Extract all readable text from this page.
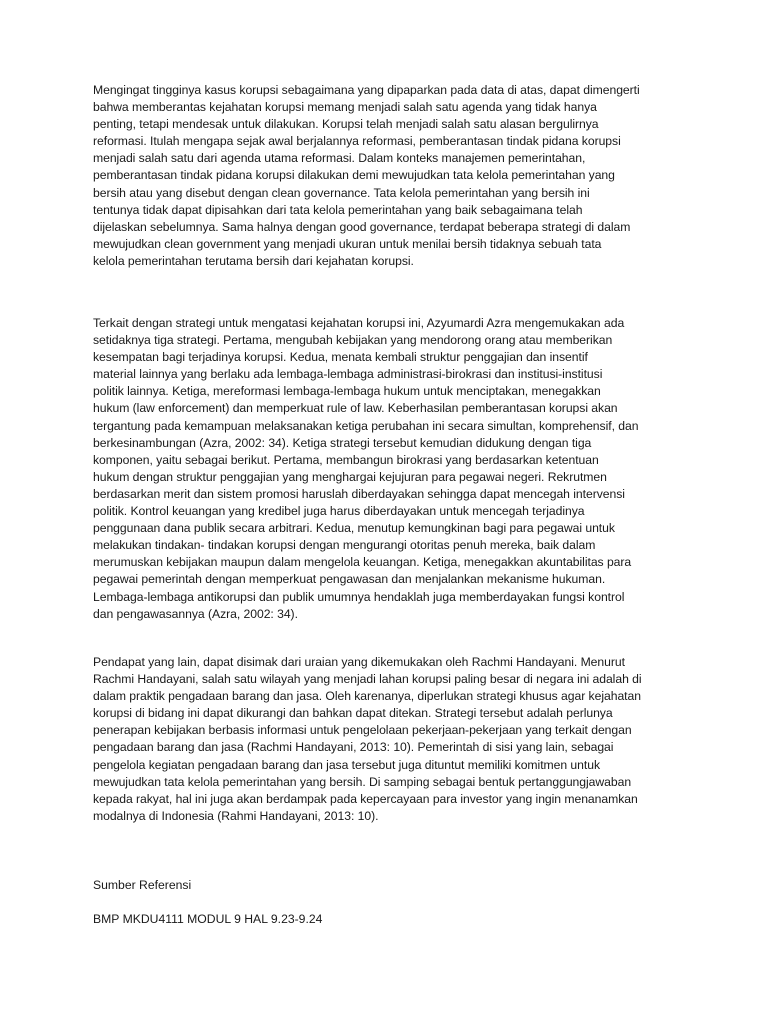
Mengingat tingginya kasus korupsi sebagaimana yang dipaparkan pada data di atas, dapat dimengerti
bahwa memberantas kejahatan korupsi memang menjadi salah satu agenda yang tidak hanya
penting, tetapi mendesak untuk dilakukan. Korupsi telah menjadi salah satu alasan bergulirnya
reformasi. Itulah mengapa sejak awal berjalannya reformasi, pemberantasan tindak pidana korupsi
menjadi salah satu dari agenda utama reformasi. Dalam konteks manajemen pemerintahan,
pemberantasan tindak pidana korupsi dilakukan demi mewujudkan tata kelola pemerintahan yang
bersih atau yang disebut dengan clean governance. Tata kelola pemerintahan yang bersih ini
tentunya tidak dapat dipisahkan dari tata kelola pemerintahan yang baik sebagaimana telah
dijelaskan sebelumnya. Sama halnya dengan good governance, terdapat beberapa strategi di dalam
mewujudkan clean government yang menjadi ukuran untuk menilai bersih tidaknya sebuah tata
kelola pemerintahan terutama bersih dari kejahatan korupsi.

Terkait dengan strategi untuk mengatasi kejahatan korupsi ini, Azyumardi Azra mengemukakan ada
setidaknya tiga strategi. Pertama, mengubah kebijakan yang mendorong orang atau memberikan
kesempatan bagi terjadinya korupsi. Kedua, menata kembali struktur penggajian dan insentif
material lainnya yang berlaku ada lembaga-lembaga administrasi-birokrasi dan institusi-institusi
politik lainnya. Ketiga, mereformasi lembaga-lembaga hukum untuk menciptakan, menegakkan
hukum (law enforcement) dan memperkuat rule of law. Keberhasilan pemberantasan korupsi akan
tergantung pada kemampuan melaksanakan ketiga perubahan ini secara simultan, komprehensif, dan
berkesinambungan (Azra, 2002: 34). Ketiga strategi tersebut kemudian didukung dengan tiga
komponen, yaitu sebagai berikut. Pertama, membangun birokrasi yang berdasarkan ketentuan
hukum dengan struktur penggajian yang menghargai kejujuran para pegawai negeri. Rekrutmen
berdasarkan merit dan sistem promosi haruslah diberdayakan sehingga dapat mencegah intervensi
politik. Kontrol keuangan yang kredibel juga harus diberdayakan untuk mencegah terjadinya
penggunaan dana publik secara arbitrari. Kedua, menutup kemungkinan bagi para pegawai untuk
melakukan tindakan- tindakan korupsi dengan mengurangi otoritas penuh mereka, baik dalam
merumuskan kebijakan maupun dalam mengelola keuangan. Ketiga, menegakkan akuntabilitas para
pegawai pemerintah dengan memperkuat pengawasan dan menjalankan mekanisme hukuman.
Lembaga-lembaga antikorupsi dan publik umumnya hendaklah juga memberdayakan fungsi kontrol
dan pengawasannya (Azra, 2002: 34).

Pendapat yang lain, dapat disimak dari uraian yang dikemukakan oleh Rachmi Handayani. Menurut
Rachmi Handayani, salah satu wilayah yang menjadi lahan korupsi paling besar di negara ini adalah di
dalam praktik pengadaan barang dan jasa. Oleh karenanya, diperlukan strategi khusus agar kejahatan
korupsi di bidang ini dapat dikurangi dan bahkan dapat ditekan. Strategi tersebut adalah perlunya
penerapan kebijakan berbasis informasi untuk pengelolaan pekerjaan-pekerjaan yang terkait dengan
pengadaan barang dan jasa (Rachmi Handayani, 2013: 10). Pemerintah di sisi yang lain, sebagai
pengelola kegiatan pengadaan barang dan jasa tersebut juga dituntut memiliki komitmen untuk
mewujudkan tata kelola pemerintahan yang bersih. Di samping sebagai bentuk pertanggungjawaban
kepada rakyat, hal ini juga akan berdampak pada kepercayaan para investor yang ingin menanamkan
modalnya di Indonesia (Rahmi Handayani, 2013: 10).

Sumber Referensi

BMP MKDU4111 MODUL 9 HAL 9.23-9.24
